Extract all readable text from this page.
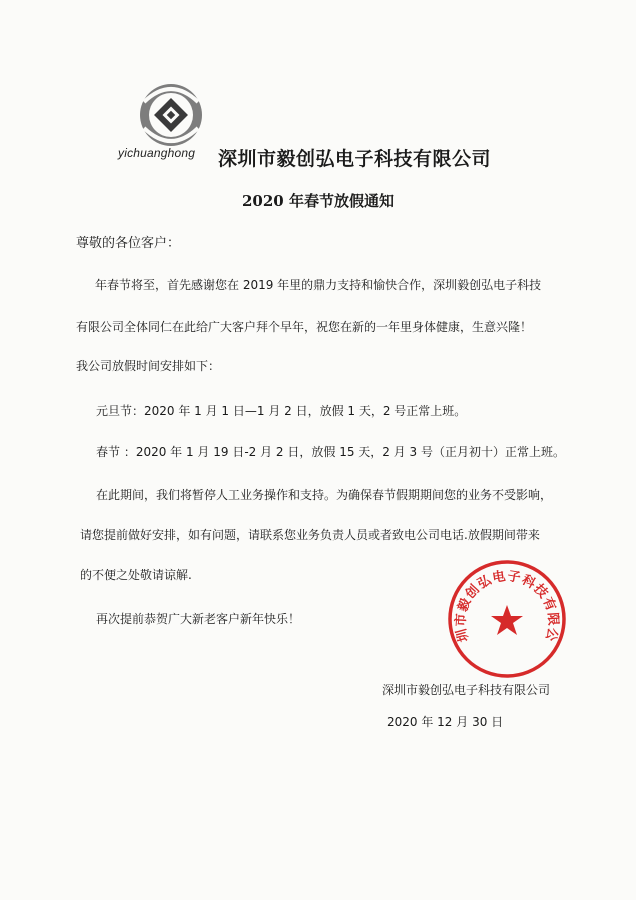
yichuanghong 深圳市毅创弘电子科技有限公司
2020 年春节放假通知
尊敬的各位客户：
年春节将至，首先感谢您在 2019 年里的鼎力支持和愉快合作，深圳毅创弘电子科技
有限公司全体同仁在此给广大客户拜个早年，祝您在新的一年里身体健康，生意兴隆！
我公司放假时间安排如下：
元旦节：2020 年 1 月 1 日—1 月 2 日，放假 1 天，2 号正常上班。
春节 ：2020 年 1 月 19 日-2 月 2 日，放假 15 天，2 月 3 号（正月初十）正常上班。
在此期间，我们将暂停人工业务操作和支持。为确保春节假期期间您的业务不受影响，
请您提前做好安排，如有问题，请联系您业务负责人员或者致电公司电话.放假期间带来
的不便之处敬请谅解.
再次提前恭贺广大新老客户新年快乐！
圳市毅创弘电子科技有限公
深圳市毅创弘电子科技有限公司
2020 年 12 月 30 日
